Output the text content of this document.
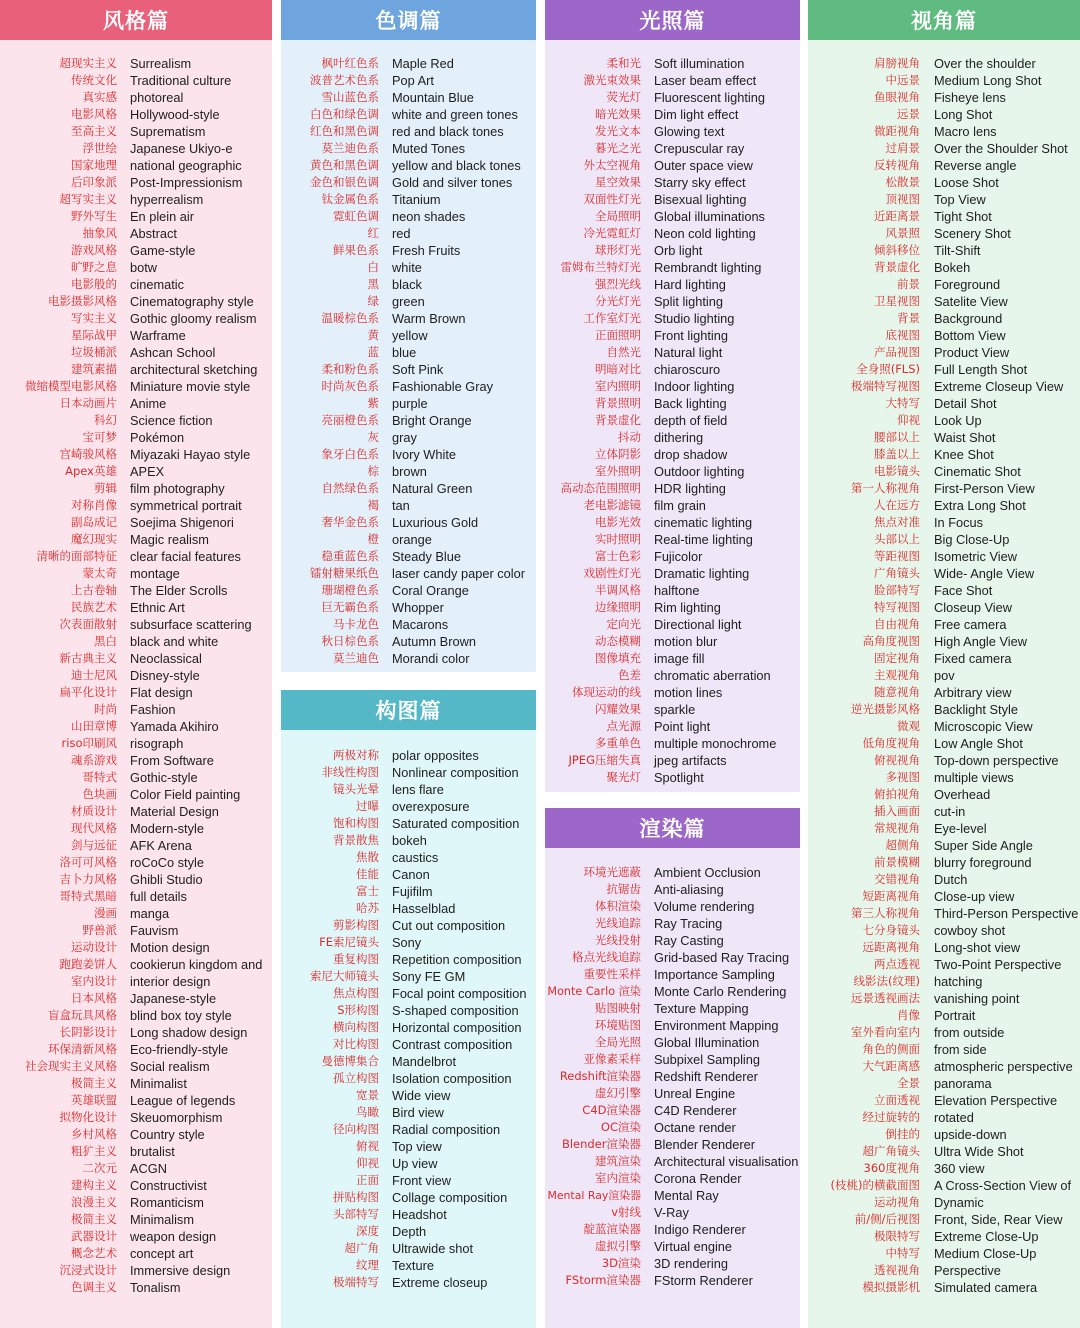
风格篇
超现实主义 Surrealism
传统文化 Traditional culture
真实感 photoreal
电影风格 Hollywood-style
至高主义 Suprematism
浮世绘 Japanese Ukiyo-e
国家地理 national geographic
后印象派 Post-Impressionism
超写实主义 hyperrealism
野外写生 En plein air
抽象风 Abstract
游戏风格 Game-style
旷野之息 botw
电影般的 cinematic
电影摄影风格 Cinematography style
写实主义 Gothic gloomy realism
星际战甲 Warframe
垃圾桶派 Ashcan School
建筑素描 architectural sketching
微缩模型电影风格 Miniature movie style
日本动画片 Anime
科幻 Science fiction
宝可梦 Pokémon
宫崎骏风格 Miyazaki Hayao style
Apex英雄 APEX
剪辑 film photography
对称肖像 symmetrical portrait
副岛成记 Soejima Shigenori
魔幻现实 Magic realism
清晰的面部特征 clear facial features
蒙太奇 montage
上古卷轴 The Elder Scrolls
民族艺术 Ethnic Art
次表面散射 subsurface scattering
黑白 black and white
新古典主义 Neoclassical
迪士尼风 Disney-style
扁平化设计 Flat design
时尚 Fashion
山田章博 Yamada Akihiro
riso印刷风 risograph
魂系游戏 From Software
哥特式 Gothic-style
色块画 Color Field painting
材质设计 Material Design
现代风格 Modern-style
剑与远征 AFK Arena
洛可可风格 roCoCo style
吉卜力风格 Ghibli Studio
哥特式黑暗 full details
漫画 manga
野兽派 Fauvism
运动设计 Motion design
跑跑姜饼人 cookierun kingdom and
室内设计 interior design
日本风格 Japanese-style
盲盒玩具风格 blind box toy style
长阴影设计 Long shadow design
环保清新风格 Eco-friendly-style
社会现实主义风格 Social realism
极简主义 Minimalist
英雄联盟 League of legends
拟物化设计 Skeuomorphism
乡村风格 Country style
粗犷主义 brutalist
二次元 ACGN
建构主义 Constructivist
浪漫主义 Romanticism
极简主义 Minimalism
武器设计 weapon design
概念艺术 concept art
沉浸式设计 Immersive design
色调主义 Tonalism
色调篇
枫叶红色系 Maple Red
波普艺术色系 Pop Art
雪山蓝色系 Mountain Blue
白色和绿色调 white and green tones
红色和黑色调 red and black tones
莫兰迪色系 Muted Tones
黄色和黑色调 yellow and black tones
金色和银色调 Gold and silver tones
钛金属色系 Titanium
霓虹色调 neon shades
红 red
鲜果色系 Fresh Fruits
白 white
黑 black
绿 green
温暖棕色系 Warm Brown
黄 yellow
蓝 blue
柔和粉色系 Soft Pink
时尚灰色系 Fashionable Gray
紫 purple
亮丽橙色系 Bright Orange
灰 gray
象牙白色系 Ivory White
棕 brown
自然绿色系 Natural Green
褐 tan
奢华金色系 Luxurious Gold
橙 orange
稳重蓝色系 Steady Blue
镭射糖果纸色 laser candy paper color
珊瑚橙色系 Coral Orange
巨无霸色系 Whopper
马卡龙色 Macarons
秋日棕色系 Autumn Brown
莫兰迪色 Morandi color
构图篇
两极对称 polar opposites
非线性构图 Nonlinear composition
镜头光晕 lens flare
过曝 overexposure
饱和构图 Saturated composition
背景散焦 bokeh
焦散 caustics
佳能 Canon
富士 Fujifilm
哈苏 Hasselblad
剪影构图 Cut out composition
FE索尼镜头 Sony
重复构图 Repetition composition
索尼大师镜头 Sony FE GM
焦点构图 Focal point composition
S形构图 S-shaped composition
横向构图 Horizontal composition
对比构图 Contrast composition
曼德博集合 Mandelbrot
孤立构图 Isolation composition
宽景 Wide view
鸟瞰 Bird view
径向构图 Radial composition
俯视 Top view
仰视 Up view
正面 Front view
拼贴构图 Collage composition
头部特写 Headshot
深度 Depth
超广角 Ultrawide shot
纹理 Texture
极端特写 Extreme closeup
光照篇
柔和光 Soft illumination
激光束效果 Laser beam effect
荧光灯 Fluorescent lighting
暗光效果 Dim light effect
发光文本 Glowing text
暮光之光 Crepuscular ray
外太空视角 Outer space view
星空效果 Starry sky effect
双面性灯光 Bisexual lighting
全局照明 Global illuminations
冷光霓虹灯 Neon cold lighting
球形灯光 Orb light
雷姆布兰特灯光 Rembrandt lighting
强烈光线 Hard lighting
分光灯光 Split lighting
工作室灯光 Studio lighting
正面照明 Front lighting
自然光 Natural light
明暗对比 chiaroscuro
室内照明 Indoor lighting
背景照明 Back lighting
背景虚化 depth of field
抖动 dithering
立体阴影 drop shadow
室外照明 Outdoor lighting
高动态范围照明 HDR lighting
老电影滤镜 film grain
电影光效 cinematic lighting
实时照明 Real-time lighting
富士色彩 Fujicolor
戏剧性灯光 Dramatic lighting
半调风格 halftone
边缘照明 Rim lighting
定向光 Directional light
动态模糊 motion blur
图像填充 image fill
色差 chromatic aberration
体现运动的线 motion lines
闪耀效果 sparkle
点光源 Point light
多重单色 multiple monochrome
JPEG压缩失真 jpeg artifacts
聚光灯 Spotlight
渲染篇
环境光遮蔽 Ambient Occlusion
抗锯齿 Anti-aliasing
体积渲染 Volume rendering
光线追踪 Ray Tracing
光线投射 Ray Casting
格点光线追踪 Grid-based Ray Tracing
重要性采样 Importance Sampling
Monte Carlo 渲染 Monte Carlo Rendering
贴图映射 Texture Mapping
环境贴图 Environment Mapping
全局光照 Global Illumination
亚像素采样 Subpixel Sampling
Redshift渲染器 Redshift Renderer
虚幻引擎 Unreal Engine
C4D渲染器 C4D Renderer
OC渲染 Octane render
Blender渲染器 Blender Renderer
建筑渲染 Architectural visualisation
室内渲染 Corona Render
Mental Ray渲染器 Mental Ray
v射线 V-Ray
靛蓝渲染器 Indigo Renderer
虚拟引擎 Virtual engine
3D渲染 3D rendering
FStorm渲染器 FStorm Renderer
视角篇
肩膀视角 Over the shoulder
中远景 Medium Long Shot
鱼眼视角 Fisheye lens
远景 Long Shot
微距视角 Macro lens
过肩景 Over the Shoulder Shot
反转视角 Reverse angle
松散景 Loose Shot
顶视图 Top View
近距离景 Tight Shot
风景照 Scenery Shot
倾斜移位 Tilt-Shift
背景虚化 Bokeh
前景 Foreground
卫星视图 Satelite View
背景 Background
底视图 Bottom View
产品视图 Product View
全身照(FLS) Full Length Shot
极端特写视图 Extreme Closeup View
大特写 Detail Shot
仰视 Look Up
腰部以上 Waist Shot
膝盖以上 Knee Shot
电影镜头 Cinematic Shot
第一人称视角 First-Person View
人在远方 Extra Long Shot
焦点对准 In Focus
头部以上 Big Close-Up
等距视图 Isometric View
广角镜头 Wide- Angle View
脸部特写 Face Shot
特写视图 Closeup View
自由视角 Free camera
高角度视图 High Angle View
固定视角 Fixed camera
主观视角 pov
随意视角 Arbitrary view
逆光摄影风格 Backlight Style
微观 Microscopic View
低角度视角 Low Angle Shot
俯视视角 Top-down perspective
多视图 multiple views
俯拍视角 Overhead
插入画面 cut-in
常规视角 Eye-level
超侧角 Super Side Angle
前景模糊 blurry foreground
交错视角 Dutch
短距离视角 Close-up view
第三人称视角 Third-Person Perspective
七分身镜头 cowboy shot
远距离视角 Long-shot view
两点透视 Two-Point Perspective
线影法(纹理) hatching
远景透视画法 vanishing point
肖像 Portrait
室外看向室内 from outside
角色的侧面 from side
大气距离感 atmospheric perspective
全景 panorama
立面透视 Elevation Perspective
经过旋转的 rotated
倒挂的 upside-down
超广角镜头 Ultra Wide Shot
360度视角 360 view
(枝桃)的横截面图 A Cross-Section View of
运动视角 Dynamic
前/侧/后视图 Front, Side, Rear View
极限特写 Extreme Close-Up
中特写 Medium Close-Up
透视视角 Perspective
模拟摄影机 Simulated camera
